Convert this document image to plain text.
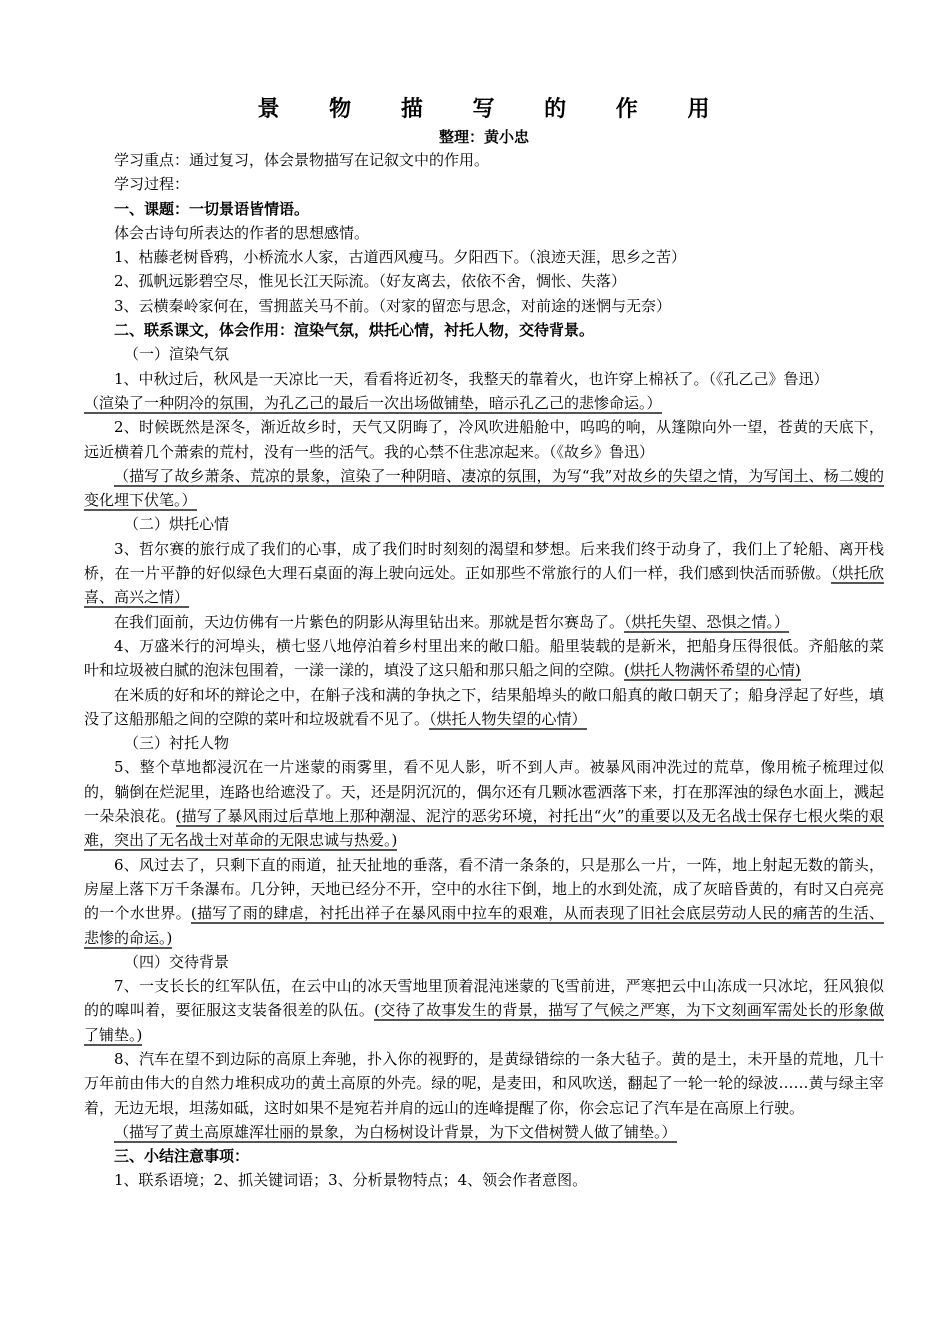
景 物 描 写 的 作 用

整理：黄小忠

学习重点：通过复习，体会景物描写在记叙文中的作用。

学习过程：

一、课题：一切景语皆情语。

体会古诗句所表达的作者的思想感情。

1、枯藤老树昏鸦，小桥流水人家，古道西风瘦马。夕阳西下。（浪迹天涯，思乡之苦）

2、孤帆远影碧空尽，惟见长江天际流。（好友离去，依依不舍，惆怅、失落）

3、云横秦岭家何在，雪拥蓝关马不前。（对家的留恋与思念，对前途的迷惘与无奈）

二、联系课文，体会作用：渲染气氛，烘托心情，衬托人物，交待背景。

（一）渲染气氛

1、中秋过后，秋风是一天凉比一天，看看将近初冬，我整天的靠着火，也许穿上棉袄了。（《孔乙己》鲁迅）
（渲染了一种阴冷的氛围，为孔乙己的最后一次出场做铺垫，暗示孔乙己的悲惨命运。）

2、时候既然是深冬，渐近故乡时，天气又阴晦了，冷风吹进船舱中，呜呜的响，从篷隙向外一望，苍黄的天底下，远近横着几个萧索的荒村，没有一些的活气。我的心禁不住悲凉起来。（《故乡》鲁迅）

（描写了故乡萧条、荒凉的景象，渲染了一种阴暗、凄凉的氛围，为写“我”对故乡的失望之情，为写闰土、杨二嫂的变化埋下伏笔。）

（二）烘托心情

3、哲尔赛的旅行成了我们的心事，成了我们时时刻刻的渴望和梦想。后来我们终于动身了，我们上了轮船、离开栈桥，在一片平静的好似绿色大理石桌面的海上驶向远处。正如那些不常旅行的人们一样，我们感到快活而骄傲。（烘托欣喜、高兴之情）

在我们面前，天边仿佛有一片紫色的阴影从海里钻出来。那就是哲尔赛岛了。（烘托失望、恐惧之情。）

4、万盛米行的河埠头，横七竖八地停泊着乡村里出来的敞口船。船里装载的是新米，把船身压得很低。齐船舷的菜叶和垃圾被白腻的泡沫包围着，一漾一漾的，填没了这只船和那只船之间的空隙。(烘托人物满怀希望的心情)

在米质的好和坏的辩论之中，在斛子浅和满的争执之下，结果船埠头的敞口船真的敞口朝天了；船身浮起了好些，填没了这船那船之间的空隙的菜叶和垃圾就看不见了。（烘托人物失望的心情）

（三）衬托人物

5、整个草地都浸沉在一片迷蒙的雨雾里，看不见人影，听不到人声。被暴风雨冲洗过的荒草，像用梳子梳理过似的，躺倒在烂泥里，连路也给遮没了。天，还是阴沉沉的，偶尔还有几颗冰雹洒落下来，打在那浑浊的绿色水面上，溅起一朵朵浪花。(描写了暴风雨过后草地上那种潮湿、泥泞的恶劣环境，衬托出“火”的重要以及无名战士保存七根火柴的艰难，突出了无名战士对革命的无限忠诚与热爱。)

6、风过去了，只剩下直的雨道，扯天扯地的垂落，看不清一条条的，只是那么一片，一阵，地上射起无数的箭头，房屋上落下万千条瀑布。几分钟，天地已经分不开，空中的水往下倒，地上的水到处流，成了灰暗昏黄的，有时又白亮亮的一个水世界。(描写了雨的肆虐，衬托出祥子在暴风雨中拉车的艰难，从而表现了旧社会底层劳动人民的痛苦的生活、悲惨的命运。)

（四）交待背景

7、一支长长的红军队伍，在云中山的冰天雪地里顶着混沌迷蒙的飞雪前进，严寒把云中山冻成一只冰坨，狂风狼似的的嗥叫着，要征服这支装备很差的队伍。(交待了故事发生的背景，描写了气候之严寒，为下文刻画军需处长的形象做了铺垫。)

8、汽车在望不到边际的高原上奔驰，扑入你的视野的，是黄绿错综的一条大毡子。黄的是土，未开垦的荒地，几十万年前由伟大的自然力堆积成功的黄土高原的外壳。绿的呢，是麦田，和风吹送，翻起了一轮一轮的绿波……黄与绿主宰着，无边无垠，坦荡如砥，这时如果不是宛若并肩的远山的连峰提醒了你，你会忘记了汽车是在高原上行驶。

（描写了黄土高原雄浑壮丽的景象，为白杨树设计背景，为下文借树赞人做了铺垫。）

三、小结注意事项：

1、联系语境；2、抓关键词语；3、分析景物特点；4、领会作者意图。
